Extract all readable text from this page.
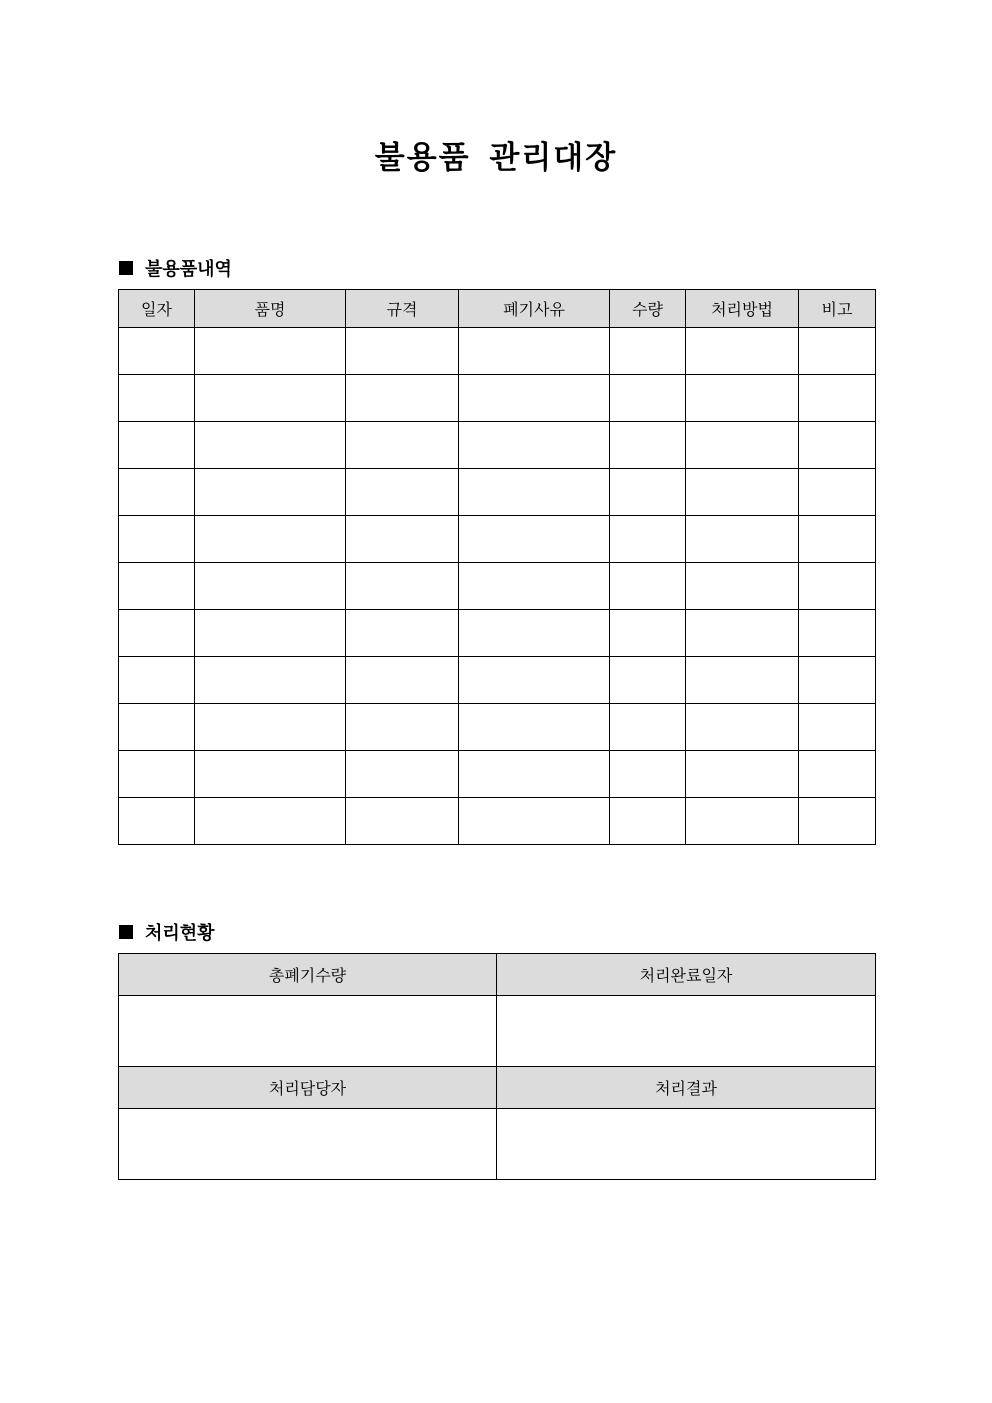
불용품 관리대장
불용품내역
일자	품명	규격	폐기사유	수량	처리방법	비고

처리현황
총폐기수량	처리완료일자

처리담당자	처리결과
